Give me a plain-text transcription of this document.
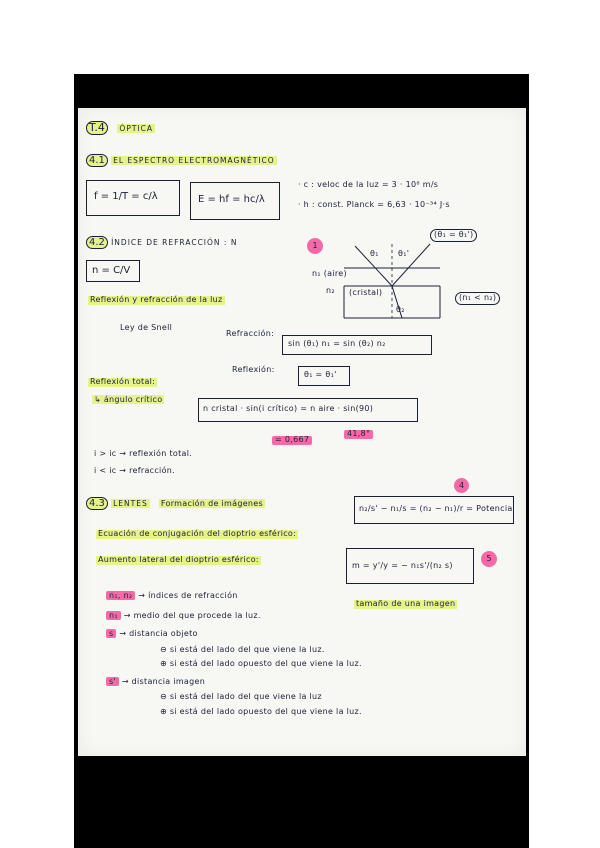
T.4 ÓPTICA
4.1 EL ESPECTRO ELECTROMAGNÉTICO
f = 1/T = c/λ	E = hf = hc/λ
· c : veloc de la luz = 3 · 10⁸ m/s
· h : const. Planck = 6,63 · 10⁻³⁴ J·s
4.2 ÍNDICE DE REFRACCIÓN : N
n = C/V
1
(θ₁ = θ₁')
θ₁ θ₁'
n₁ (aire)
n₂ (cristal)
θ₂
(n₁ < n₂)
Reflexión y refracción de la luz
Ley de Snell
Refracción:
sin (θ₁) n₁ = sin (θ₂) n₂
Reflexión:
θ₁ = θ₁'
Reflexión total:
↳ ángulo crítico
n cristal · sin(i crítico) = n aire · sin(90)
= 0,667
41,8°
i > ic → reflexión total.
i < ic → refracción.
4.3 LENTES Formación de imágenes
4
n₂/s' − n₁/s = (n₂ − n₁)/r = Potencia
Ecuación de conjugación del dioptrio esférico:
Aumento lateral del dioptrio esférico:
m = y'/y = − n₁s'/(n₂ s)
5
tamaño de una imagen
n₁, n₂ → índices de refracción
n₁ → medio del que procede la luz.
s → distancia objeto
⊖ si está del lado del que viene la luz.
⊕ si está del lado opuesto del que viene la luz.
s' → distancia imagen
⊖ si está del lado del que viene la luz
⊕ si está del lado opuesto del que viene la luz.
